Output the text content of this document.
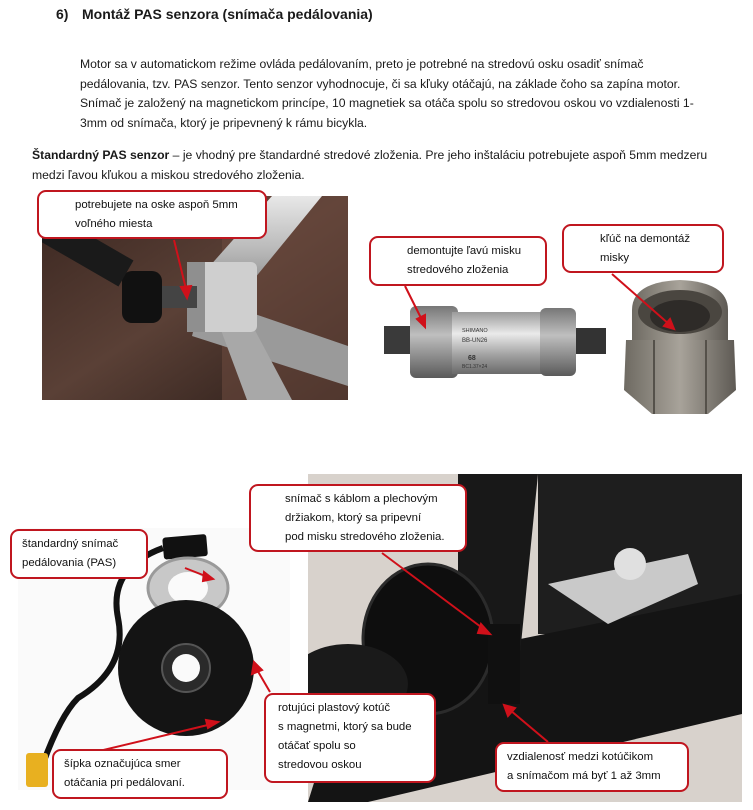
6) Montáž PAS senzora (snímača pedálovania)

Motor sa v automatickom režime ovláda pedálovaním, preto je potrebné na stredovú osku osadiť snímač

pedálovania, tzv. PAS senzor. Tento senzor vyhodnocuje, či sa kľuky otáčajú, na základe čoho sa zapína motor.

Snímač je založený na magnetickom princípe, 10 magnetiek sa otáča spolu so stredovou oskou vo vzdialenosti 1-

3mm od snímača, ktorý je pripevnený k rámu bicykla.

Štandardný PAS senzor – je vhodný pre štandardné stredové zloženia. Pre jeho inštaláciu potrebujete aspoň 5mm medzeru
medzi ľavou kľukou a miskou stredového zloženia.
SHIMANO
BB-UN26
68
BC1.37×24
potrebujete na oske aspoň 5mm
voľného miesta
demontujte ľavú misku
stredového zloženia
kľúč na demontáž
misky
snímač s káblom a plechovým
držiakom, ktorý sa pripevní
pod misku stredového zloženia.
štandardný snímač
pedálovania (PAS)
rotujúci plastový kotúč
s magnetmi, ktorý sa bude
otáčať spolu so
stredovou oskou
šípka označujúca smer
otáčania pri pedálovaní.
vzdialenosť medzi kotúčikom
a snímačom má byť 1 až 3mm
